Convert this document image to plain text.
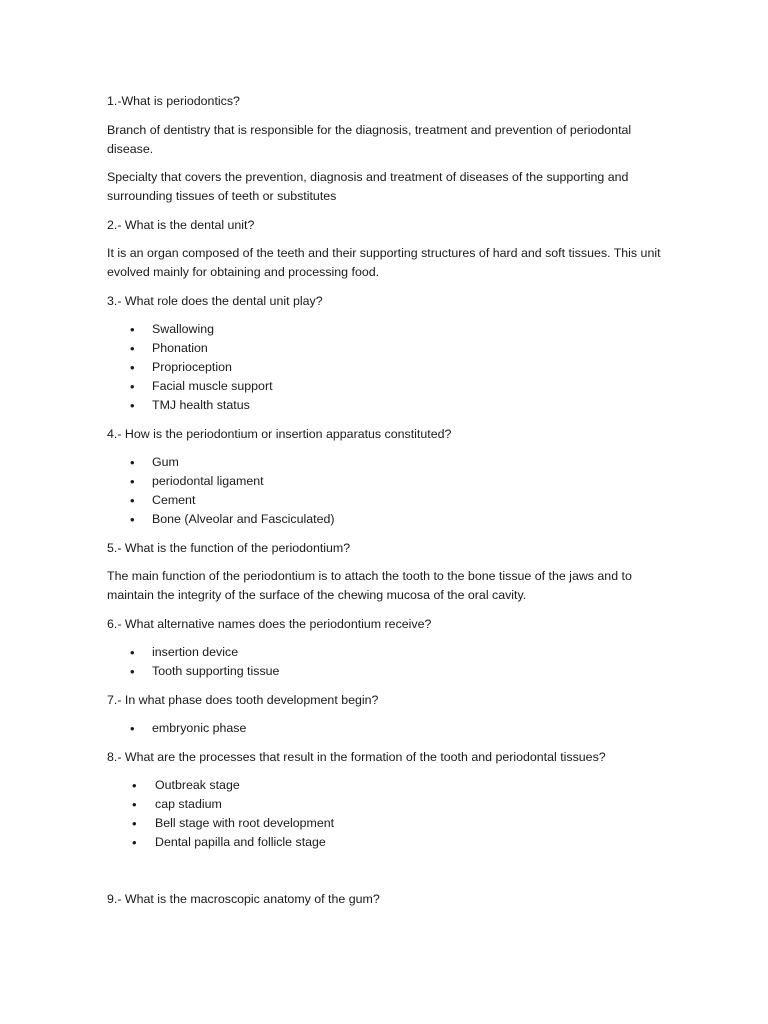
1.-What is periodontics?

Branch of dentistry that is responsible for the diagnosis, treatment and prevention of periodontal disease.

Specialty that covers the prevention, diagnosis and treatment of diseases of the supporting and surrounding tissues of teeth or substitutes

2.- What is the dental unit?

It is an organ composed of the teeth and their supporting structures of hard and soft tissues. This unit evolved mainly for obtaining and processing food.

3.- What role does the dental unit play?

• Swallowing
• Phonation
• Proprioception
• Facial muscle support
• TMJ health status

4.- How is the periodontium or insertion apparatus constituted?

• Gum
• periodontal ligament
• Cement
• Bone (Alveolar and Fasciculated)

5.- What is the function of the periodontium?

The main function of the periodontium is to attach the tooth to the bone tissue of the jaws and to maintain the integrity of the surface of the chewing mucosa of the oral cavity.

6.- What alternative names does the periodontium receive?

• insertion device
• Tooth supporting tissue

7.- In what phase does tooth development begin?

• embryonic phase

8.- What are the processes that result in the formation of the tooth and periodontal tissues?

• Outbreak stage
• cap stadium
• Bell stage with root development
• Dental papilla and follicle stage

9.- What is the macroscopic anatomy of the gum?
